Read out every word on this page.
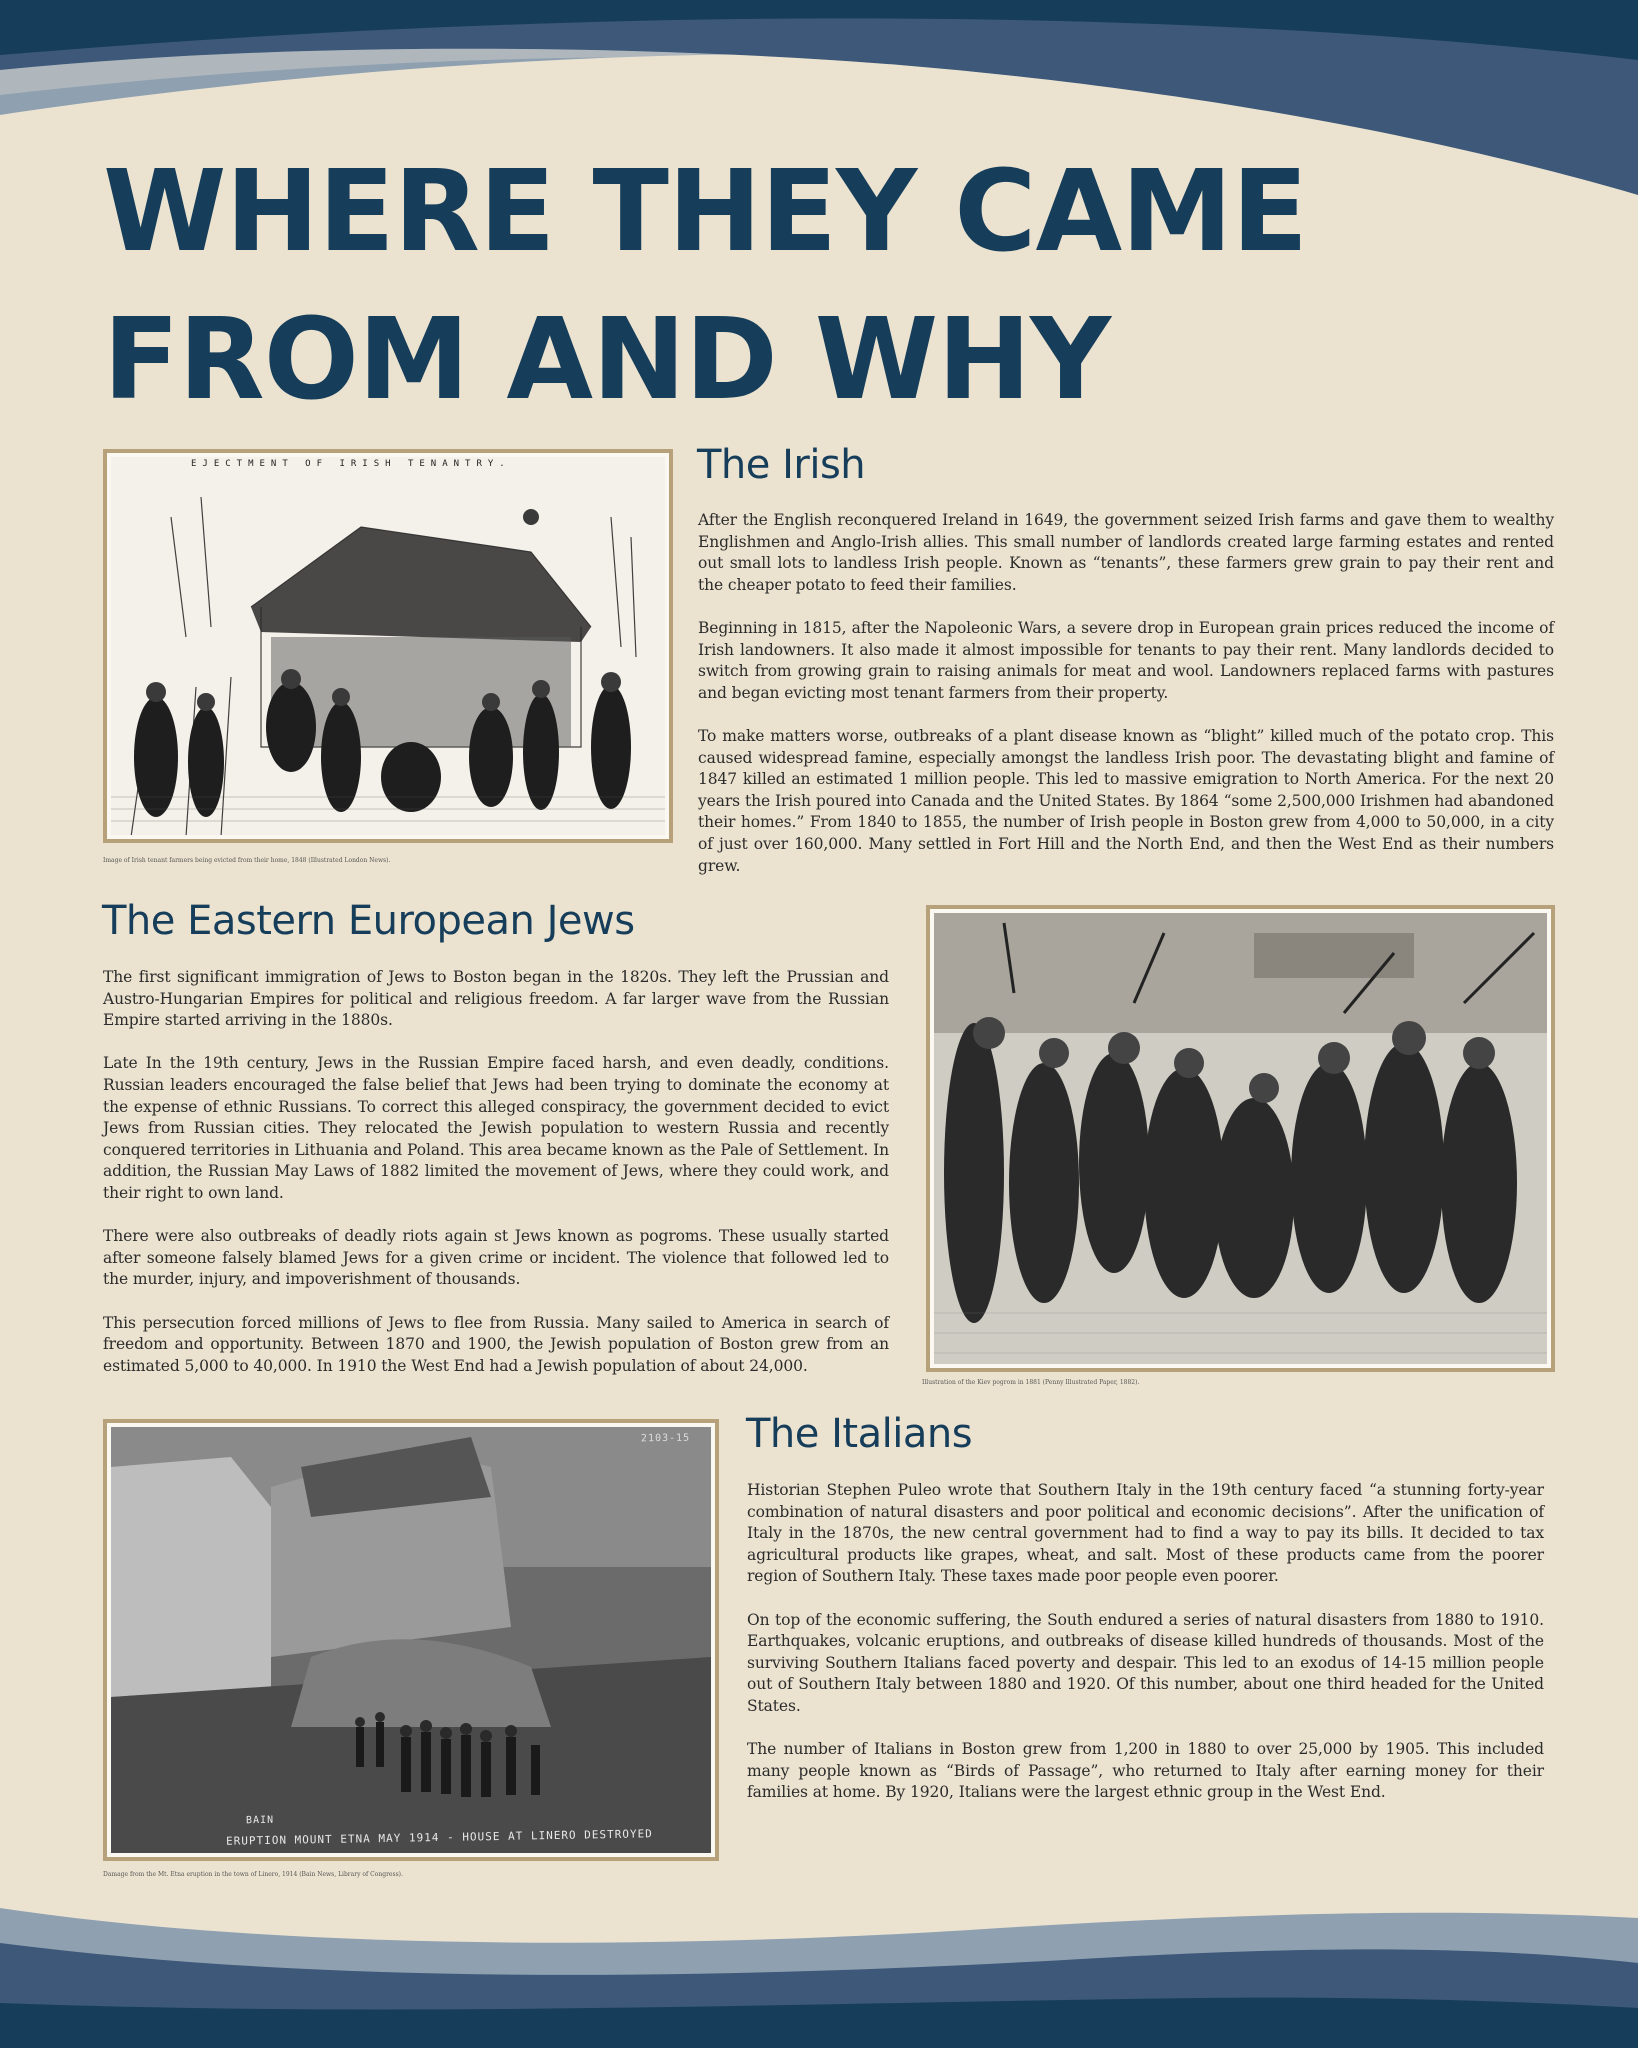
WHERE THEY CAME
FROM AND WHY
EJECTMENT OF IRISH TENANTRY.
Image of Irish tenant farmers being evicted from their home, 1848 (Illustrated London News).
The Irish

After the English reconquered Ireland in 1649, the government seized Irish farms and gave them to wealthy Englishmen and Anglo-Irish allies. This small number of landlords created large farming estates and rented out small lots to landless Irish people. Known as “tenants”, these farmers grew grain to pay their rent and the cheaper potato to feed their families.

Beginning in 1815, after the Napoleonic Wars, a severe drop in European grain prices reduced the income of Irish landowners. It also made it almost impossible for tenants to pay their rent. Many landlords decided to switch from growing grain to raising animals for meat and wool. Landowners replaced farms with pastures and began evicting most tenant farmers from their property.

To make matters worse, outbreaks of a plant disease known as “blight” killed much of the potato crop. This caused widespread famine, especially amongst the landless Irish poor. The devastating blight and famine of 1847 killed an estimated 1 million people. This led to massive emigration to North America. For the next 20 years the Irish poured into Canada and the United States. By 1864 “some 2,500,000 Irishmen had abandoned their homes.” From 1840 to 1855, the number of Irish people in Boston grew from 4,000 to 50,000, in a city of just over 160,000. Many settled in Fort Hill and the North End, and then the West End as their numbers grew.

The Eastern European Jews

The first significant immigration of Jews to Boston began in the 1820s. They left the Prussian and Austro-Hungarian Empires for political and religious freedom. A far larger wave from the Russian Empire started arriving in the 1880s.

Late In the 19th century, Jews in the Russian Empire faced harsh, and even deadly, conditions. Russian leaders encouraged the false belief that Jews had been trying to dominate the economy at the expense of ethnic Russians. To correct this alleged conspiracy, the government decided to evict Jews from Russian cities. They relocated the Jewish population to western Russia and recently conquered territories in Lithuania and Poland. This area became known as the Pale of Settlement. In addition, the Russian May Laws of 1882 limited the movement of Jews, where they could work, and their right to own land.

There were also outbreaks of deadly riots again st Jews known as pogroms. These usually started after someone falsely blamed Jews for a given crime or incident. The violence that followed led to the murder, injury, and impoverishment of thousands.

This persecution forced millions of Jews to flee from Russia. Many sailed to America in search of freedom and opportunity. Between 1870 and 1900, the Jewish population of Boston grew from an estimated 5,000 to 40,000. In 1910 the West End had a Jewish population of about 24,000.

Illustration of the Kiev pogrom in 1881 (Penny Illustrated Paper, 1882).
2103-15
BAIN
ERUPTION MOUNT ETNA MAY 1914 - HOUSE AT LINERO DESTROYED
Damage from the Mt. Etna eruption in the town of Linero, 1914 (Bain News, Library of Congress).
The Italians

Historian Stephen Puleo wrote that Southern Italy in the 19th century faced “a stunning forty-year combination of natural disasters and poor political and economic decisions”. After the unification of Italy in the 1870s, the new central government had to find a way to pay its bills. It decided to tax agricultural products like grapes, wheat, and salt. Most of these products came from the poorer region of Southern Italy. These taxes made poor people even poorer.

On top of the economic suffering, the South endured a series of natural disasters from 1880 to 1910. Earthquakes, volcanic eruptions, and outbreaks of disease killed hundreds of thousands. Most of the surviving Southern Italians faced poverty and despair. This led to an exodus of 14-15 million people out of Southern Italy between 1880 and 1920. Of this number, about one third headed for the United States.

The number of Italians in Boston grew from 1,200 in 1880 to over 25,000 by 1905. This included many people known as “Birds of Passage”, who returned to Italy after earning money for their families at home. By 1920, Italians were the largest ethnic group in the West End.
